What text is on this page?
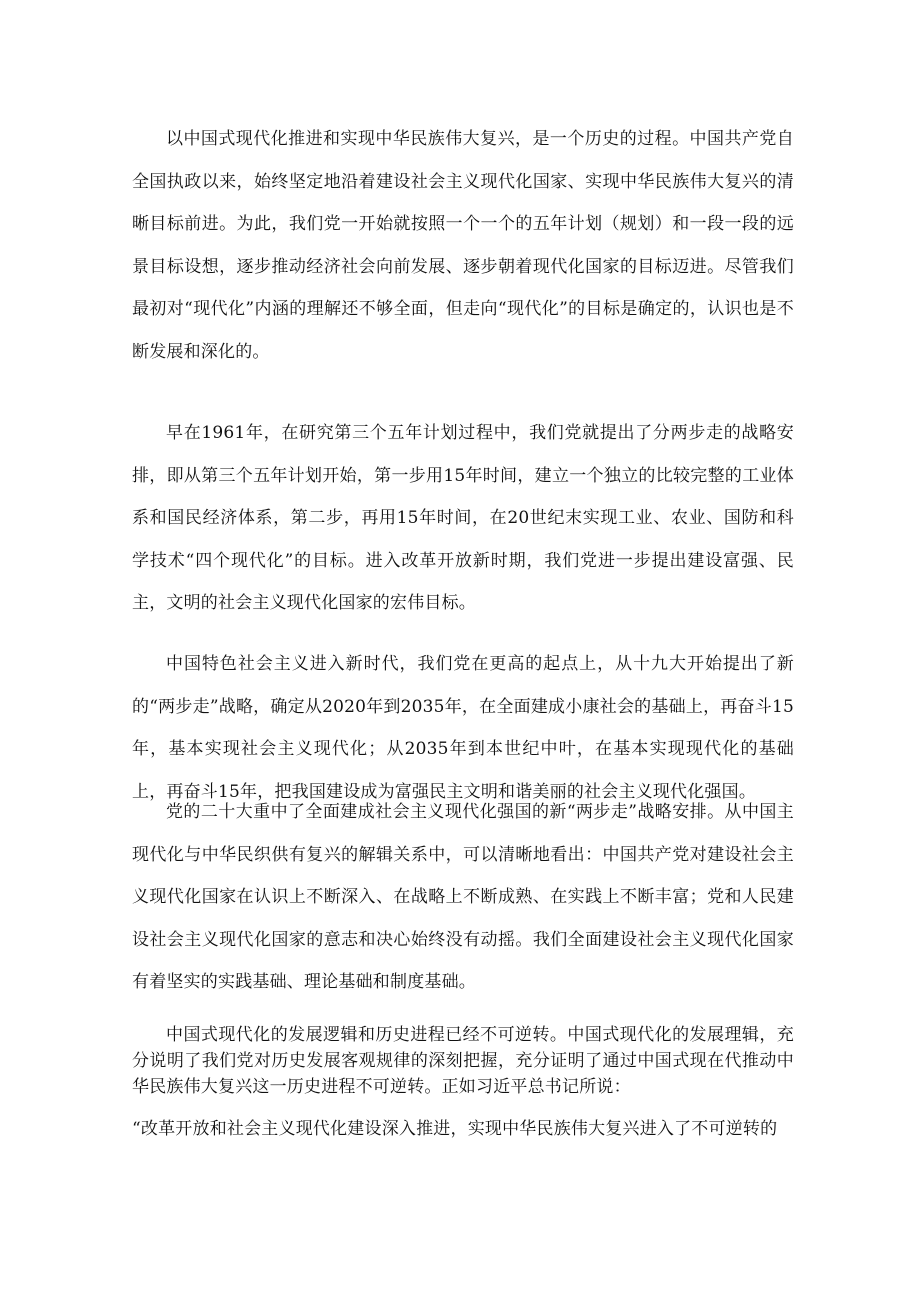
以中国式现代化推进和实现中华民族伟大复兴，是一个历史的过程。中国共产党自全国执政以来，始终坚定地沿着建设社会主义现代化国家、实现中华民族伟大复兴的清晰目标前进。为此，我们党一开始就按照一个一个的五年计划（规划）和一段一段的远景目标设想，逐步推动经济社会向前发展、逐步朝着现代化国家的目标迈进。尽管我们最初对“现代化”内涵的理解还不够全面，但走向“现代化”的目标是确定的，认识也是不断发展和深化的。

早在1961年，在研究第三个五年计划过程中，我们党就提出了分两步走的战略安排，即从第三个五年计划开始，第一步用15年时间，建立一个独立的比较完整的工业体系和国民经济体系，第二步，再用15年时间，在20世纪末实现工业、农业、国防和科学技术“四个现代化”的目标。进入改革开放新时期，我们党进一步提出建设富强、民主，文明的社会主义现代化国家的宏伟目标。

中国特色社会主义进入新时代，我们党在更高的起点上，从十九大开始提出了新的“两步走”战略，确定从2020年到2035年，在全面建成小康社会的基础上，再奋斗15年，基本实现社会主义现代化；从2035年到本世纪中叶，在基本实现现代化的基础上，再奋斗15年，把我国建设成为富强民主文明和谐美丽的社会主义现代化强国。

党的二十大重中了全面建成社会主义现代化强国的新“两步走”战略安排。从中国主现代化与中华民织供有复兴的解辑关系中，可以清晰地看出：中国共产党对建设社会主义现代化国家在认识上不断深入、在战略上不断成熟、在实践上不断丰富；党和人民建设社会主义现代化国家的意志和决心始终没有动摇。我们全面建设社会主义现代化国家有着坚实的实践基础、理论基础和制度基础。

中国式现代化的发展逻辑和历史进程已经不可逆转。中国式现代化的发展理辑，充分说明了我们党对历史发展客观规律的深刻把握，充分证明了通过中国式现在代推动中华民族伟大复兴这一历史进程不可逆转。正如习近平总书记所说：

“改革开放和社会主义现代化建设深入推进，实现中华民族伟大复兴进入了不可逆转的
